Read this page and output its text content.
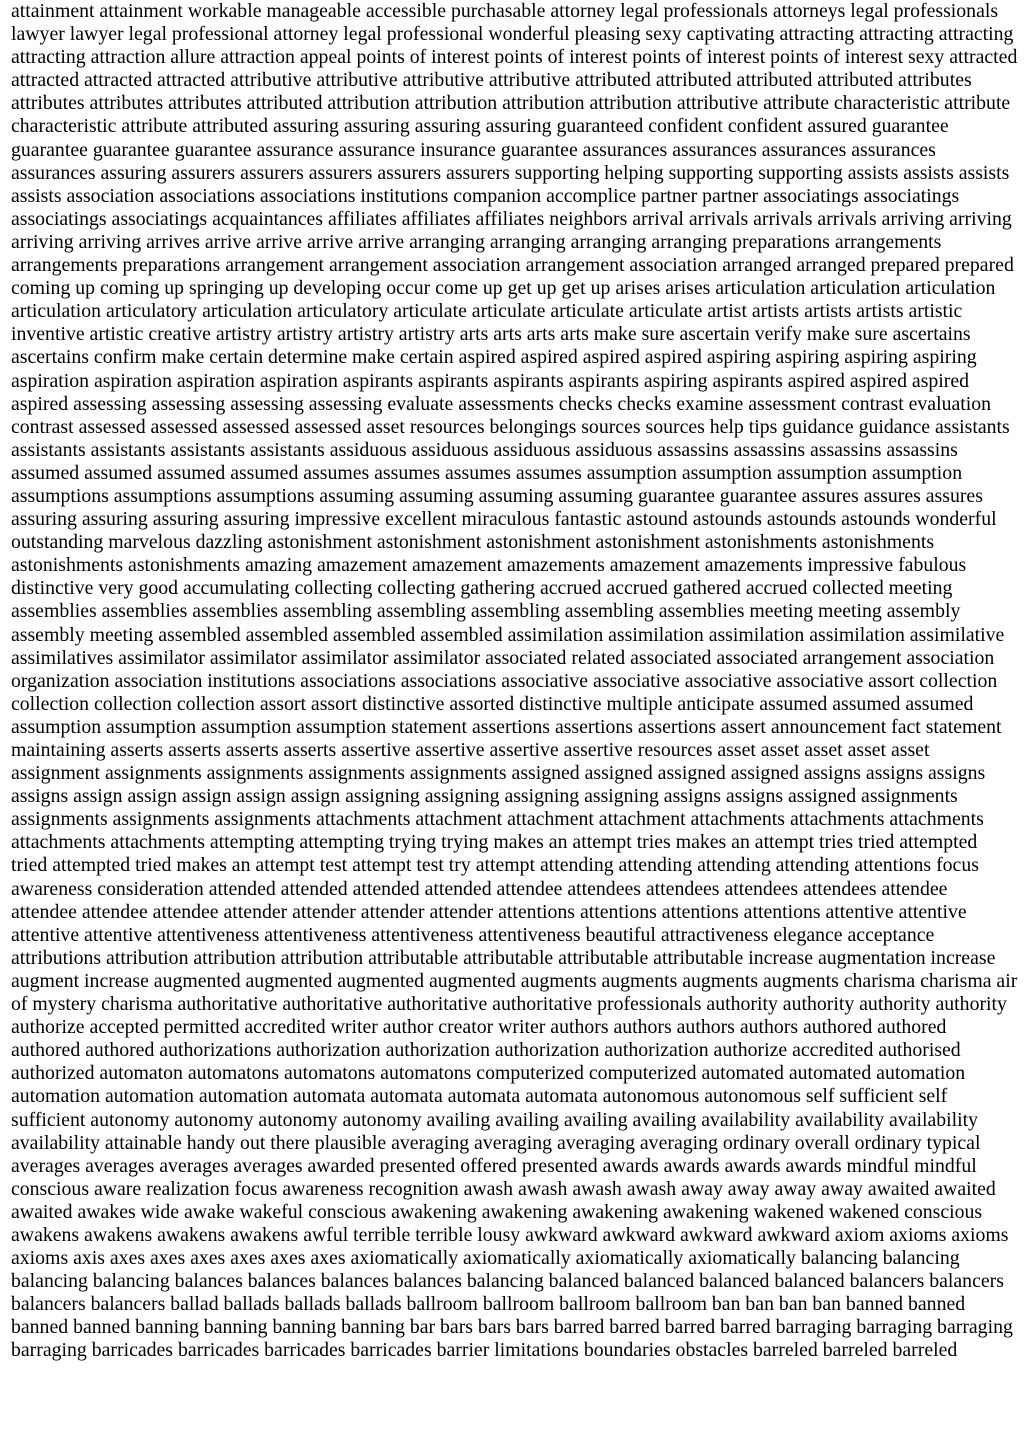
attainment attainment workable manageable accessible purchasable attorney legal professionals attorneys legal professionals lawyer lawyer legal professional attorney legal professional wonderful pleasing sexy captivating attracting attracting attracting attracting attraction allure attraction appeal points of interest points of interest points of interest points of interest sexy attracted attracted attracted attracted attributive attributive attributive attributive attributed attributed attributed attributed attributes attributes attributes attributes attributed attribution attribution attribution attribution attributive attribute characteristic attribute characteristic attribute attributed assuring assuring assuring assuring guaranteed confident confident assured guarantee guarantee guarantee guarantee assurance assurance insurance guarantee assurances assurances assurances assurances assurances assuring assurers assurers assurers assurers assurers supporting helping supporting supporting assists assists assists assists association associations associations institutions companion accomplice partner partner associatings associatings associatings associatings acquaintances affiliates affiliates affiliates neighbors arrival arrivals arrivals arrivals arriving arriving arriving arriving arrives arrive arrive arrive arrive arranging arranging arranging arranging preparations arrangements arrangements preparations arrangement arrangement association arrangement association arranged arranged prepared prepared coming up coming up springing up developing occur come up get up get up arises arises articulation articulation articulation articulation articulatory articulation articulatory articulate articulate articulate articulate artist artists artists artists artistic inventive artistic creative artistry artistry artistry artistry arts arts arts arts make sure ascertain verify make sure ascertains ascertains confirm make certain determine make certain aspired aspired aspired aspired aspiring aspiring aspiring aspiring aspiration aspiration aspiration aspiration aspirants aspirants aspirants aspirants aspiring aspirants aspired aspired aspired aspired assessing assessing assessing assessing evaluate assessments checks checks examine assessment contrast evaluation contrast assessed assessed assessed assessed asset resources belongings sources sources help tips guidance guidance assistants assistants assistants assistants assistants assiduous assiduous assiduous assiduous assassins assassins assassins assassins assumed assumed assumed assumed assumes assumes assumes assumes assumption assumption assumption assumption assumptions assumptions assumptions assuming assuming assuming assuming guarantee guarantee assures assures assures assuring assuring assuring assuring impressive excellent miraculous fantastic astound astounds astounds astounds wonderful outstanding marvelous dazzling astonishment astonishment astonishment astonishment astonishments astonishments astonishments astonishments amazing amazement amazement amazements amazement amazements impressive fabulous distinctive very good accumulating collecting collecting gathering accrued accrued gathered accrued collected meeting assemblies assemblies assemblies assembling assembling assembling assembling assemblies meeting meeting assembly assembly meeting assembled assembled assembled assembled assimilation assimilation assimilation assimilation assimilative assimilatives assimilator assimilator assimilator assimilator associated related associated associated arrangement association organization association institutions associations associations associative associative associative associative assort collection collection collection collection assort assort distinctive assorted distinctive multiple anticipate assumed assumed assumed assumption assumption assumption assumption statement assertions assertions assertions assert announcement fact statement maintaining asserts asserts asserts asserts assertive assertive assertive assertive resources asset asset asset asset asset assignment assignments assignments assignments assignments assigned assigned assigned assigned assigns assigns assigns assigns assign assign assign assign assign assigning assigning assigning assigning assigns assigns assigned assignments assignments assignments assignments attachments attachment attachment attachment attachments attachments attachments attachments attachments attempting attempting trying trying makes an attempt tries makes an attempt tries tried attempted tried attempted tried makes an attempt test attempt test try attempt attending attending attending attending attentions focus awareness consideration attended attended attended attended attendee attendees attendees attendees attendees attendee attendee attendee attendee attender attender attender attender attentions attentions attentions attentions attentive attentive attentive attentive attentiveness attentiveness attentiveness attentiveness beautiful attractiveness elegance acceptance attributions attribution attribution attribution attributable attributable attributable attributable increase augmentation increase augment increase augmented augmented augmented augmented augments augments augments augments charisma charisma air of mystery charisma authoritative authoritative authoritative authoritative professionals authority authority authority authority authorize accepted permitted accredited writer author creator writer authors authors authors authors authored authored authored authored authorizations authorization authorization authorization authorization authorize accredited authorised authorized automaton automatons automatons automatons computerized computerized automated automated automation automation automation automation automata automata automata automata autonomous autonomous self sufficient self sufficient autonomy autonomy autonomy autonomy availing availing availing availing availability availability availability availability attainable handy out there plausible averaging averaging averaging averaging ordinary overall ordinary typical averages averages averages averages awarded presented offered presented awards awards awards awards mindful mindful conscious aware realization focus awareness recognition awash awash awash awash away away away away awaited awaited awaited awakes wide awake wakeful conscious awakening awakening awakening awakening wakened wakened conscious awakens awakens awakens awakens awful terrible terrible lousy awkward awkward awkward awkward axiom axioms axioms axioms axis axes axes axes axes axes axes axiomatically axiomatically axiomatically axiomatically balancing balancing balancing balancing balances balances balances balances balancing balanced balanced balanced balanced balancers balancers balancers balancers ballad ballads ballads ballads ballroom ballroom ballroom ballroom ban ban ban ban banned banned banned banned banning banning banning banning bar bars bars bars barred barred barred barred barraging barraging barraging barraging barricades barricades barricades barricades barrier limitations boundaries obstacles barreled barreled barreled
